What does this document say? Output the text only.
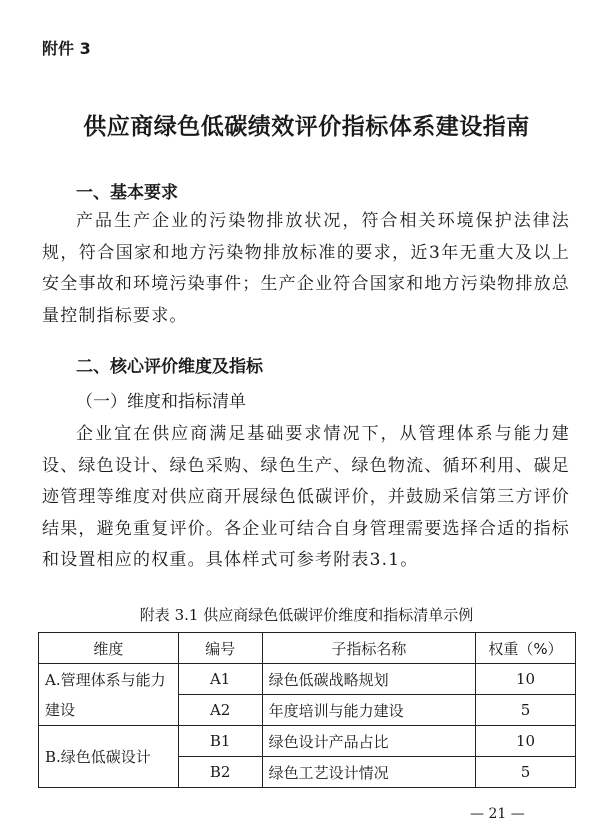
附件 3
供应商绿色低碳绩效评价指标体系建设指南
一、基本要求

产品生产企业的污染物排放状况，符合相关环境保护法律法规，符合国家和地方污染物排放标准的要求，近3年无重大及以上安全事故和环境污染事件；生产企业符合国家和地方污染物排放总量控制指标要求。

二、核心评价维度及指标
（一）维度和指标清单

企业宜在供应商满足基础要求情况下，从管理体系与能力建设、绿色设计、绿色采购、绿色生产、绿色物流、循环利用、碳足迹管理等维度对供应商开展绿色低碳评价，并鼓励采信第三方评价结果，避免重复评价。各企业可结合自身管理需要选择合适的指标和设置相应的权重。具体样式可参考附表3.1。

附表 3.1 供应商绿色低碳评价维度和指标清单示例
维度	编号	子指标名称	权重（%）
A.管理体系与能力建设	A1	绿色低碳战略规划	10
	A2	年度培训与能力建设	5
B.绿色低碳设计	B1	绿色设计产品占比	10
	B2	绿色工艺设计情况	5
— 21 —
